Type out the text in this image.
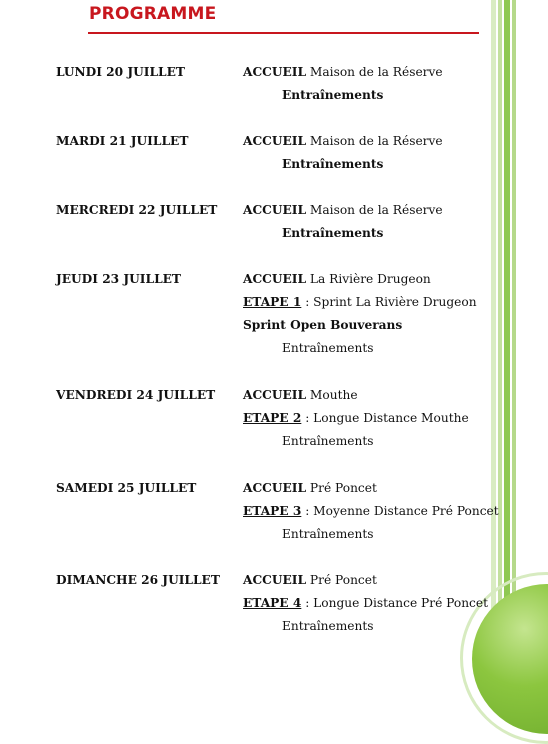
PROGRAMME
LUNDI 20 JUILLET	ACCUEIL Maison de la Réserve
Entraînements
MARDI 21 JUILLET	ACCUEIL Maison de la Réserve
Entraînements
MERCREDI 22 JUILLET ACCUEIL Maison de la Réserve
Entraînements
JEUDI 23 JUILLET	ACCUEIL La Rivière Drugeon
ETAPE 1 : Sprint La Rivière Drugeon
Sprint Open Bouverans
Entraînements
VENDREDI 24 JUILLET ACCUEIL Mouthe
ETAPE 2 : Longue Distance Mouthe
Entraînements
SAMEDI 25 JUILLET	ACCUEIL Pré Poncet
ETAPE 3 : Moyenne Distance Pré Poncet
Entraînements
DIMANCHE 26 JUILLET ACCUEIL Pré Poncet
ETAPE 4 : Longue Distance Pré Poncet
Entraînements
